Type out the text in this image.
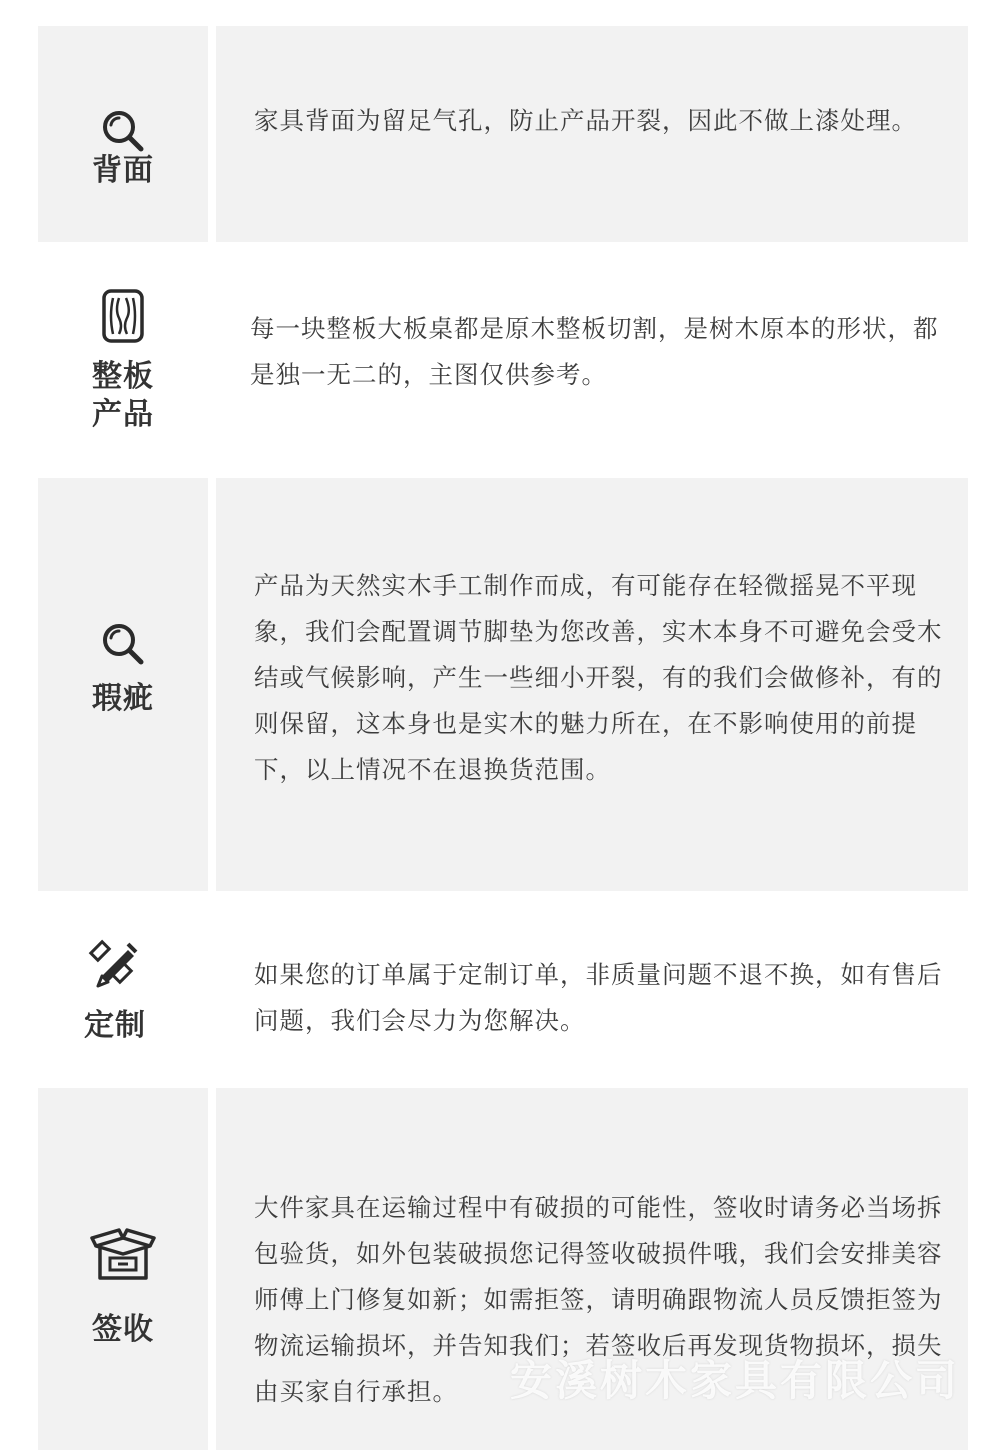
背面

家具背面为留足气孔，防止产品开裂，因此不做上漆处理。

整板产品

每一块整板大板桌都是原木整板切割，是树木原本的形状，都是独一无二的，主图仅供参考。

瑕疵

产品为天然实木手工制作而成，有可能存在轻微摇晃不平现象，我们会配置调节脚垫为您改善，实木本身不可避免会受木结或气候影响，产生一些细小开裂，有的我们会做修补，有的则保留，这本身也是实木的魅力所在，在不影响使用的前提下，以上情况不在退换货范围。

定制

如果您的订单属于定制订单，非质量问题不退不换，如有售后问题，我们会尽力为您解决。

签收

大件家具在运输过程中有破损的可能性，签收时请务必当场拆包验货，如外包装破损您记得签收破损件哦，我们会安排美容师傅上门修复如新；如需拒签，请明确跟物流人员反馈拒签为物流运输损坏，并告知我们；若签收后再发现货物损坏，损失由买家自行承担。	安溪树木家具有限公司
